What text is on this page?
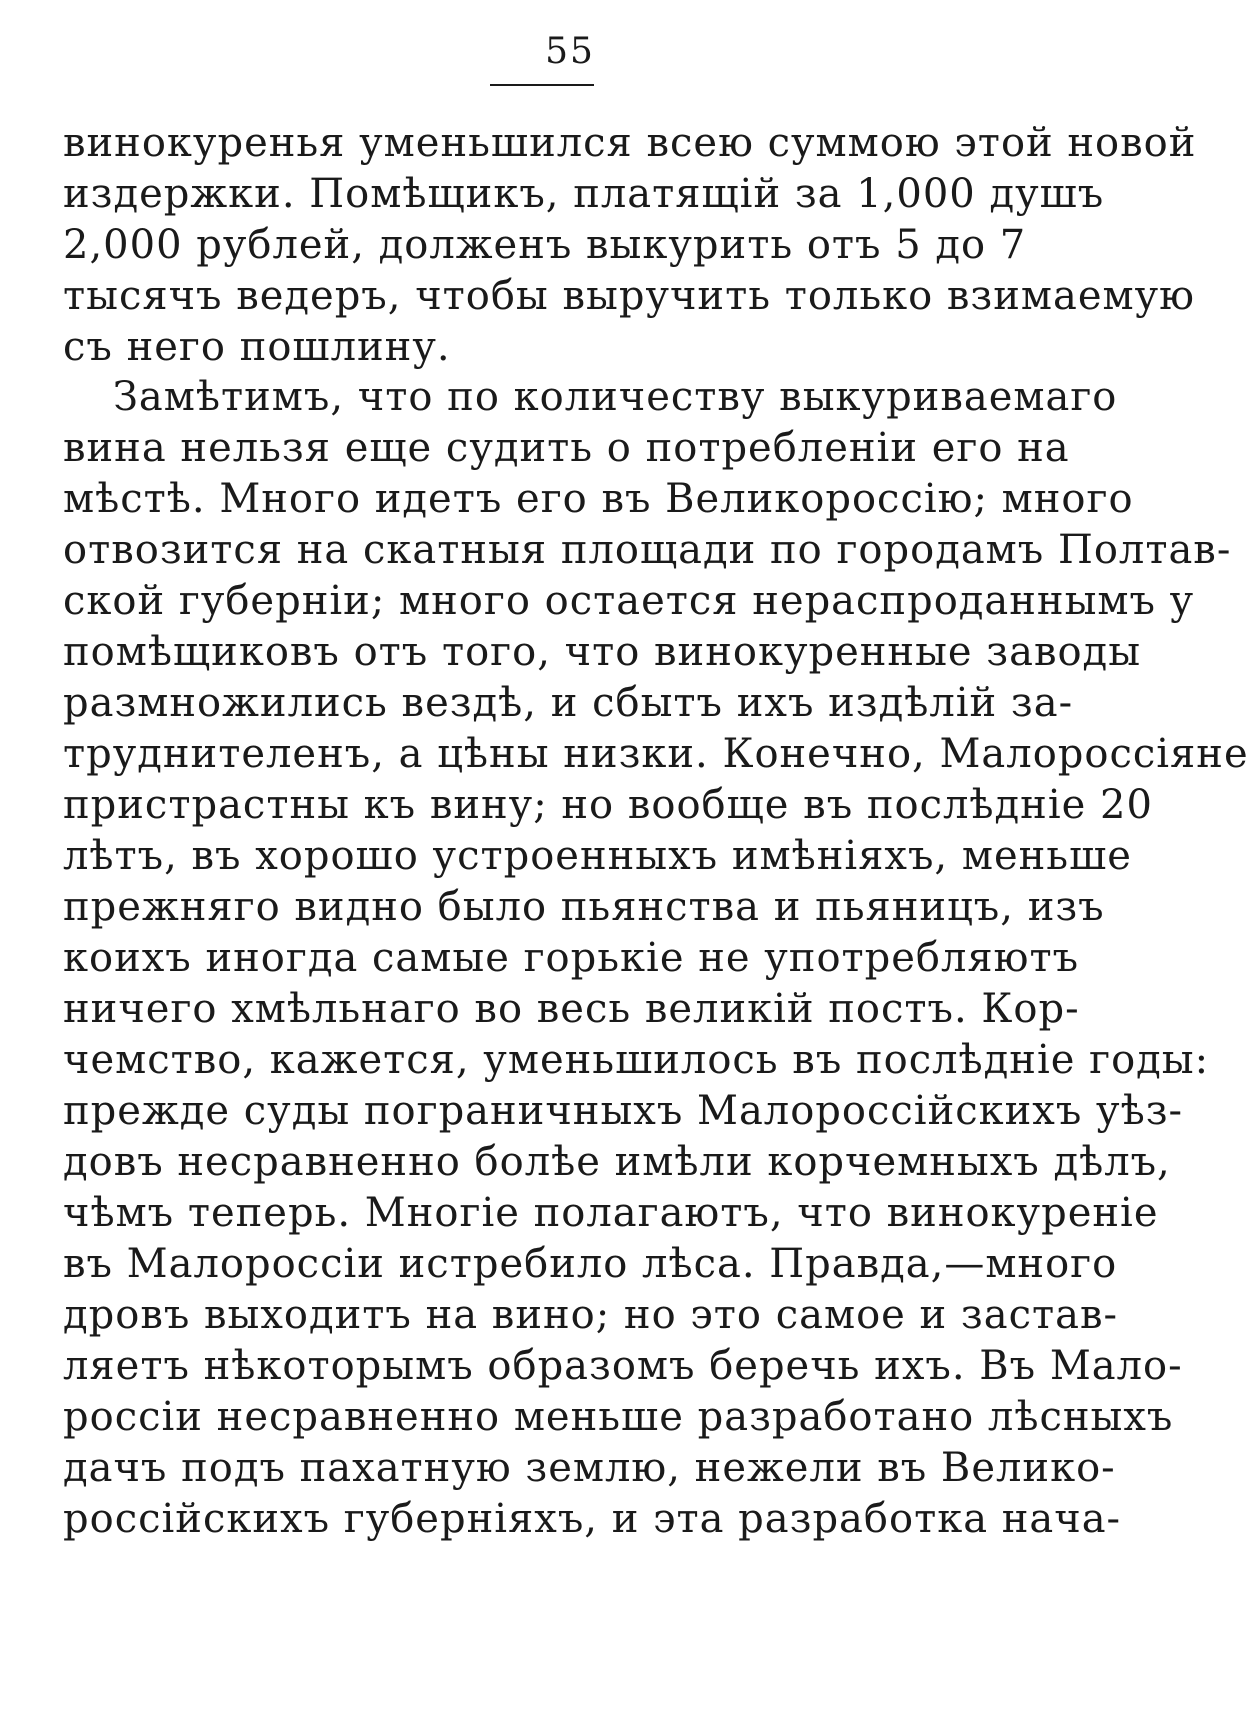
55
винокуренья уменьшился всею суммою этой новой
издержки. Помѣщикъ, платящій за 1,000 душъ
2,000 рублей, долженъ выкурить отъ 5 до 7
тысячъ ведеръ, чтобы выручить только взимаемую
съ него пошлину.
Замѣтимъ, что по количеству выкуриваемаго
вина нельзя еще судить о потребленіи его на
мѣстѣ. Много идетъ его въ Великороссію; много
отвозится на скатныя площади по городамъ Полтав-
ской губерніи; много остается нераспроданнымъ у
помѣщиковъ отъ того, что винокуренные заводы
размножились вездѣ, и сбытъ ихъ издѣлій за-
труднителенъ, а цѣны низки. Конечно, Малороссіяне
пристрастны къ вину; но вообще въ послѣдніе 20
лѣтъ, въ хорошо устроенныхъ имѣніяхъ, меньше
прежняго видно было пьянства и пьяницъ, изъ
коихъ иногда самые горькіе не употребляютъ
ничего хмѣльнаго во весь великій постъ. Кор-
чемство, кажется, уменьшилось въ послѣдніе годы:
прежде суды пограничныхъ Малороссійскихъ уѣз-
довъ несравненно болѣе имѣли корчемныхъ дѣлъ,
чѣмъ теперь. Многіе полагаютъ, что винокуреніе
въ Малороссіи истребило лѣса. Правда,—много
дровъ выходитъ на вино; но это самое и застав-
ляетъ нѣкоторымъ образомъ беречь ихъ. Въ Мало-
россіи несравненно меньше разработано лѣсныхъ
дачъ подъ пахатную землю, нежели въ Велико-
россійскихъ губерніяхъ, и эта разработка нача-
